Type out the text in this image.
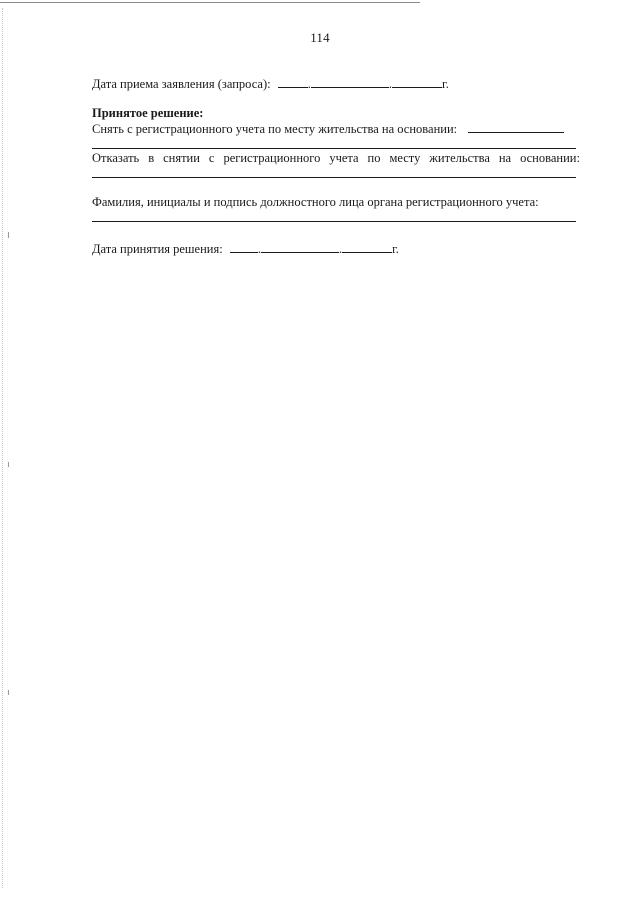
114
Дата приема заявления (запроса):	.	.	г.
Принятое решение:
Снять с регистрационного учета по месту жительства на основании:
Отказать в снятии с регистрационного учета по месту жительства на основании:
Фамилия, инициалы и подпись должностного лица органа регистрационного учета:
Дата принятия решения:	.	.	г.
